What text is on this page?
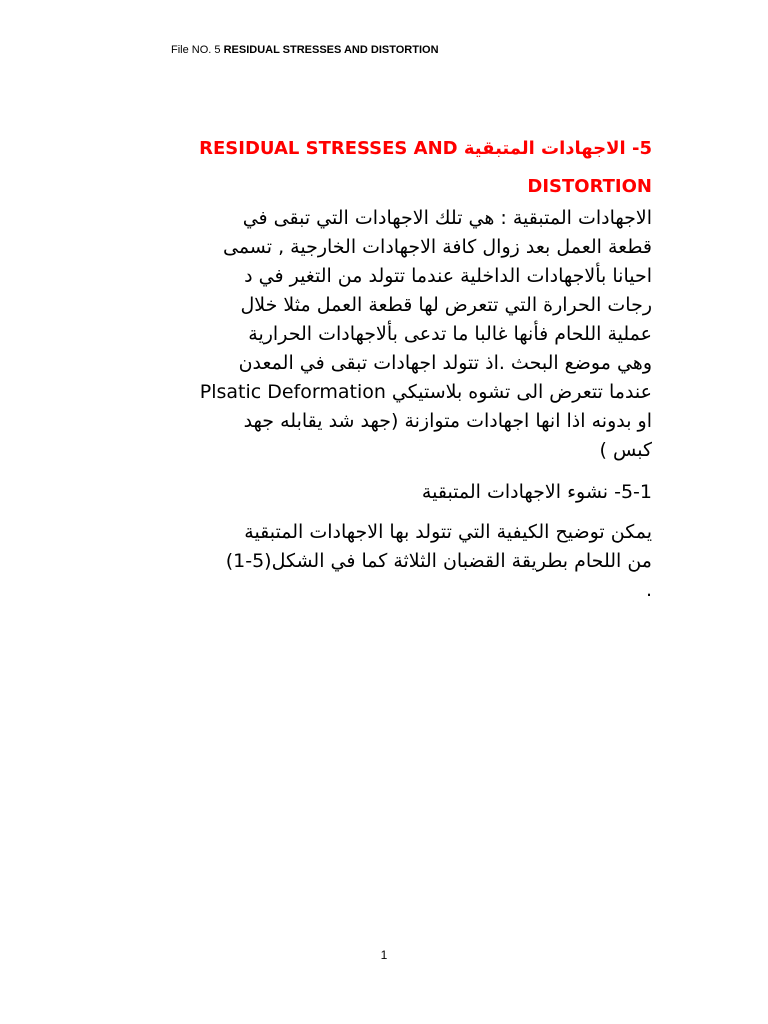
File NO. 5 RESIDUAL STRESSES AND DISTORTION
5- الاجهادات المتبقية RESIDUAL STRESSES AND
DISTORTION
الاجهادات المتبقية : هي تلك الاجهادات التي تبقى في
قطعة العمل بعد زوال كافة الاجهادات الخارجية , تسمى
احيانا بألاجهادات الداخلية عندما تتولد من التغير في د
رجات الحرارة التي تتعرض لها قطعة العمل مثلا خلال
عملية اللحام فأنها غالبا ما تدعى بألاجهادات الحرارية
وهي موضع البحث .اذ تتولد اجهادات تبقى في المعدن
عندما تتعرض الى تشوه بلاستيكي Plsatic Deformation
او بدونه اذا انها اجهادات متوازنة (جهد شد يقابله جهد
كبس )
5-1- نشوء الاجهادات المتبقية
يمكن توضيح الكيفية التي تتولد بها الاجهادات المتبقية
من اللحام بطريقة القضبان الثلاثة كما في الشكل(5-1)
.
1
